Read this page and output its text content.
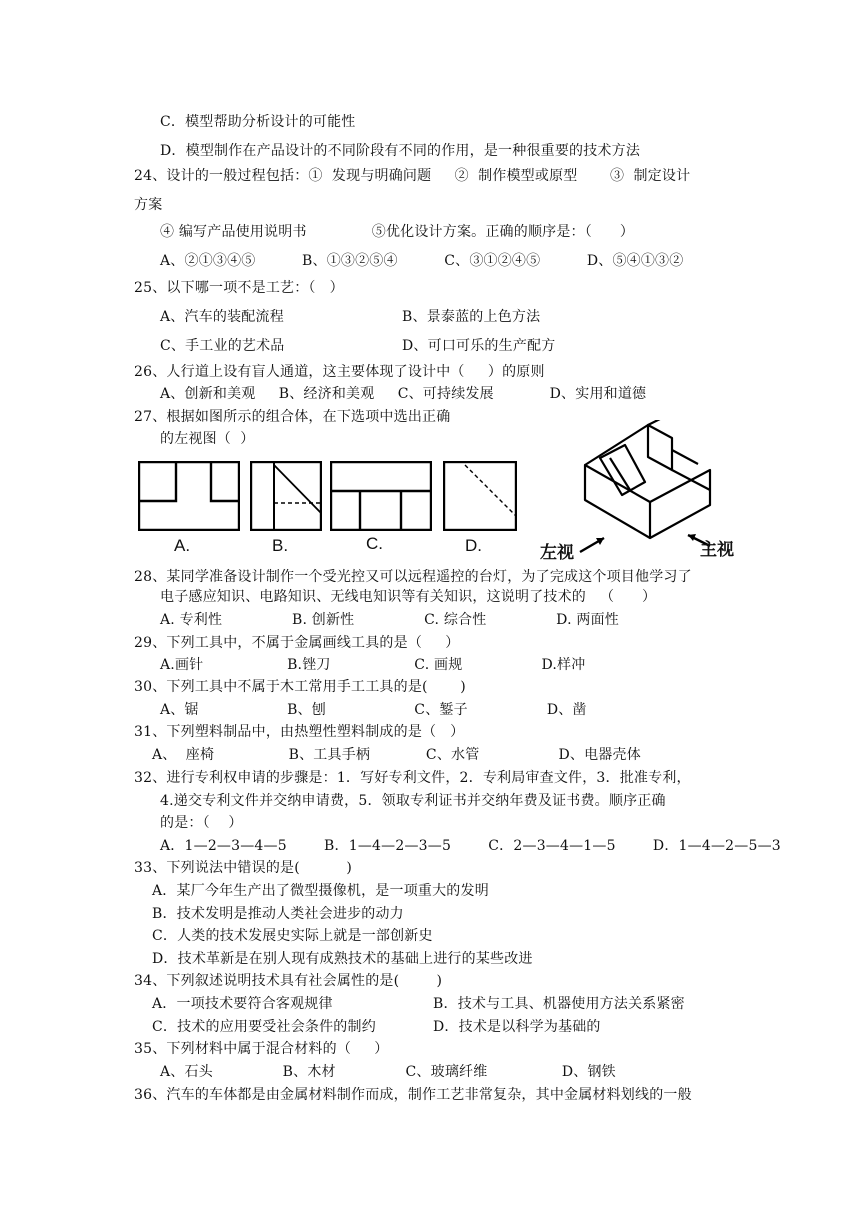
C．模型帮助分析设计的可能性
D．模型制作在产品设计的不同阶段有不同的作用，是一种很重要的技术方法
24、设计的一般过程包括：①  发现与明确问题     ②  制作模型或原型       ③  制定设计
方案
④ 编写产品使用说明书              ⑤优化设计方案。正确的顺序是：（      ）
A、②①③④⑤          B、①③②⑤④          C、③①②④⑤          D、⑤④①③②
25、以下哪一项不是工艺：（   ）
A、汽车的装配流程	B、景泰蓝的上色方法
C、手工业的艺术品	D、可口可乐的生产配方
26、人行道上设有盲人通道，这主要体现了设计中（     ）的原则
A、创新和美观     B、经济和美观     C、可持续发展            D、实用和道德
27、根据如图所示的组合体，在下选项中选出正确
的左视图（  ）
A.	B.	C.	D.	左视	主视
28、某同学准备设计制作一个受光控又可以远程遥控的台灯，为了完成这个项目他学习了
电子感应知识、电路知识、无线电知识等有关知识，这说明了技术的   （      ）
A. 专利性               B. 创新性               C. 综合性               D. 两面性
29、下列工具中，不属于金属画线工具的是（     ）
A.画针                  B.锉刀                  C. 画规                 D.样冲
30、下列工具中不属于木工常用手工工具的是(       )
A、锯                   B、刨                   C、錾子                 D、凿
31、下列塑料制品中，由热塑性塑料制成的是（   ）
A、  座椅                B、工具手柄            C、水管                 D、电器壳体
32、进行专利权申请的步骤是：1．写好专利文件，2．专利局审查文件，3．批准专利，
4.递交专利文件并交纳申请费，5．领取专利证书并交纳年费及证书费。顺序正确
的是：（    ）
A．1—2—3—4—5        B．1—4—2—3—5        C．2—3—4—1—5        D．1—4—2—5—3
33、下列说法中错误的是(          )
A．某厂今年生产出了微型摄像机，是一项重大的发明
B．技术发明是推动人类社会进步的动力
C．人类的技术发展史实际上就是一部创新史
D．技术革新是在别人现有成熟技术的基础上进行的某些改进
34、下列叙述说明技术具有社会属性的是(        )
A．一项技术要符合客观规律	B．技术与工具、机器使用方法关系紧密
C．技术的应用要受社会条件的制约	D．技术是以科学为基础的
35、下列材料中属于混合材料的（     ）
A、石头               B、木材               C、玻璃纤维                D、钢铁
36、汽车的车体都是由金属材料制作而成，制作工艺非常复杂，其中金属材料划线的一般
